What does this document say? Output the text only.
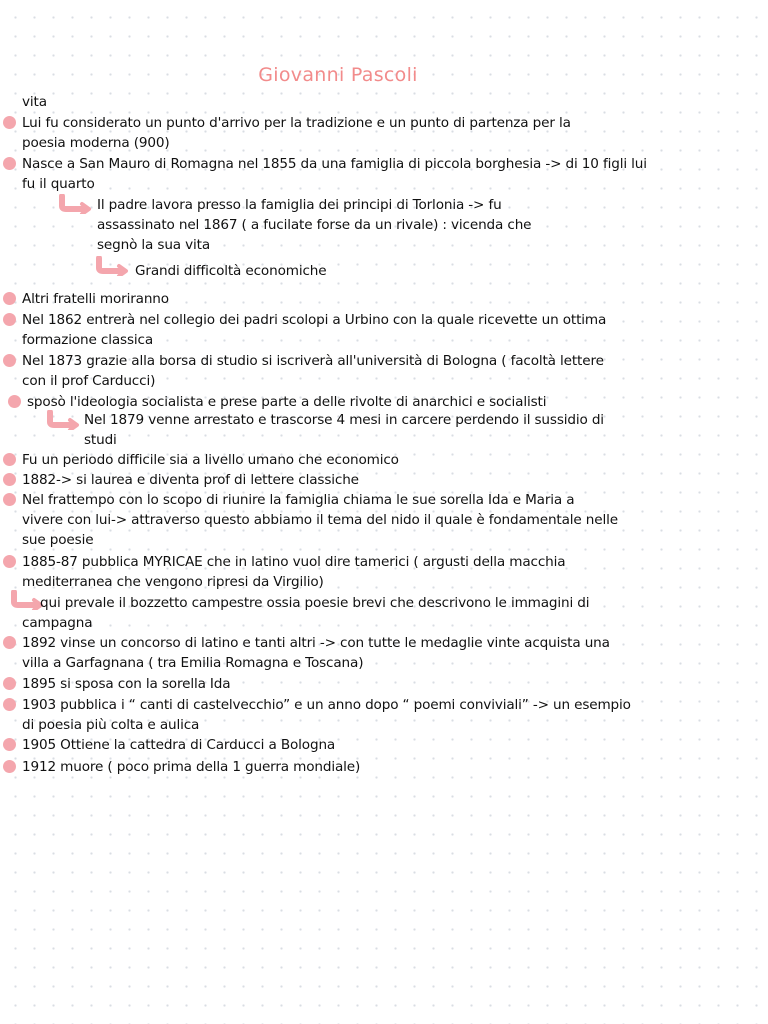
Giovanni Pascoli
vita
Lui fu considerato un punto d'arrivo per la tradizione e un punto di partenza per la
poesia moderna (900)
Nasce a San Mauro di Romagna nel 1855 da una famiglia di piccola borghesia -> di 10 figli lui
fu il quarto
Il padre lavora presso la famiglia dei principi di Torlonia -> fu
assassinato nel 1867 ( a fucilate forse da un rivale) : vicenda che
segnò la sua vita
Grandi difficoltà economiche
Altri fratelli moriranno
Nel 1862 entrerà nel collegio dei padri scolopi a Urbino con la quale ricevette un ottima
formazione classica
Nel 1873 grazie alla borsa di studio si iscriverà all'università di Bologna ( facoltà lettere
con il prof Carducci)
sposò l'ideologia socialista e prese parte a delle rivolte di anarchici e socialisti
Nel 1879 venne arrestato e trascorse 4 mesi in carcere perdendo il sussidio di
studi
Fu un periodo difficile sia a livello umano che economico
1882-> si laurea e diventa prof di lettere classiche
Nel frattempo con lo scopo di riunire la famiglia chiama le sue sorella Ida e Maria a
vivere con lui-> attraverso questo abbiamo il tema del nido il quale è fondamentale nelle
sue poesie
1885-87 pubblica MYRICAE che in latino vuol dire tamerici ( argusti della macchia
mediterranea che vengono ripresi da Virgilio)
qui prevale il bozzetto campestre ossia poesie brevi che descrivono le immagini di
campagna
1892 vinse un concorso di latino e tanti altri -> con tutte le medaglie vinte acquista una
villa a Garfagnana ( tra Emilia Romagna e Toscana)
1895 si sposa con la sorella Ida
1903 pubblica i “ canti di castelvecchio” e un anno dopo “ poemi conviviali” -> un esempio
di poesia più colta e aulica
1905 Ottiene la cattedra di Carducci a Bologna
1912 muore ( poco prima della 1 guerra mondiale)
